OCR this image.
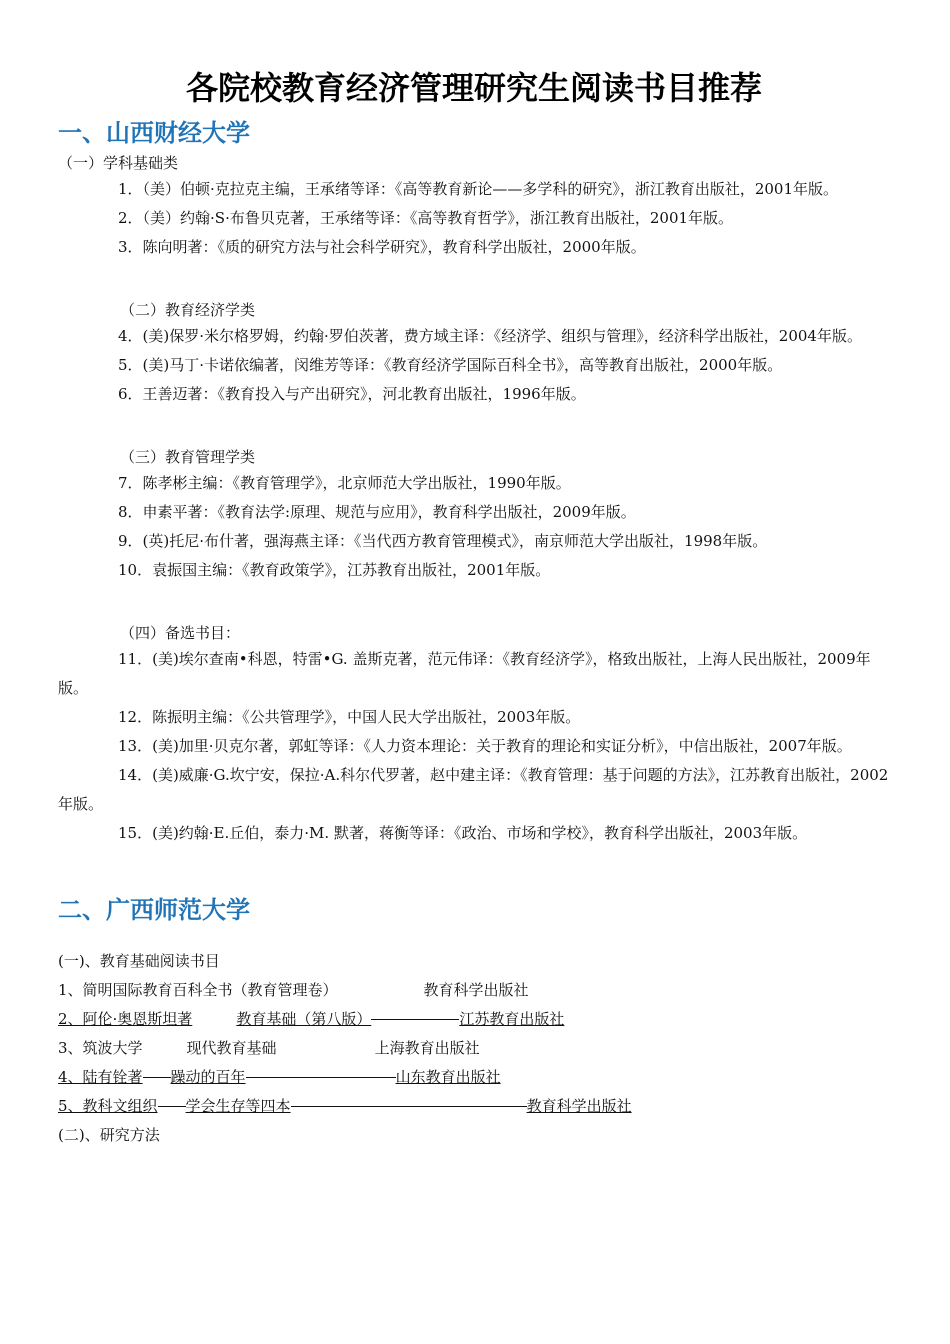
各院校教育经济管理研究生阅读书目推荐
一、山西财经大学
（一）学科基础类

1．（美）伯顿·克拉克主编，王承绪等译：《高等教育新论——多学科的研究》，浙江教育出版社，2001年版。

2．（美）约翰·S·布鲁贝克著，王承绪等译：《高等教育哲学》，浙江教育出版社，2001年版。

3．陈向明著：《质的研究方法与社会科学研究》，教育科学出版社，2000年版。

（二）教育经济学类

4．(美)保罗·米尔格罗姆，约翰·罗伯茨著，费方域主译：《经济学、组织与管理》，经济科学出版社，2004年版。

5．(美)马丁·卡诺依编著，闵维芳等译：《教育经济学国际百科全书》，高等教育出版社，2000年版。

6．王善迈著：《教育投入与产出研究》，河北教育出版社，1996年版。

（三）教育管理学类

7．陈孝彬主编：《教育管理学》，北京师范大学出版社，1990年版。

8．申素平著：《教育法学:原理、规范与应用》，教育科学出版社，2009年版。

9．(英)托尼·布什著，强海燕主译：《当代西方教育管理模式》，南京师范大学出版社，1998年版。

10．袁振国主编：《教育政策学》，江苏教育出版社，2001年版。

（四）备选书目：

11．(美)埃尔查南•科恩，特雷•G. 盖斯克著，范元伟译：《教育经济学》，格致出版社，上海人民出版社，2009年版。

12．陈振明主编：《公共管理学》，中国人民大学出版社，2003年版。

13．(美)加里·贝克尔著，郭虹等译：《人力资本理论：关于教育的理论和实证分析》，中信出版社，2007年版。

14．(美)威廉·G.坎宁安，保拉·A.科尔代罗著，赵中建主译：《教育管理：基于问题的方法》，江苏教育出版社，2002年版。

15．(美)约翰·E.丘伯，泰力·M. 默著，蒋衡等译：《政治、市场和学校》，教育科学出版社，2003年版。

二、广西师范大学
(一)、教育基础阅读书目
1、简明国际教育百科全书（教育管理卷）	教育科学出版社
2、阿伦·奥恩斯坦著	教育基础（第八版）	江苏教育出版社
3、筑波大学	现代教育基础	上海教育出版社
4、陆有铨著 躁动的百年	山东教育出版社
5、教科文组织 学会生存等四本	教育科学出版社
(二)、研究方法
